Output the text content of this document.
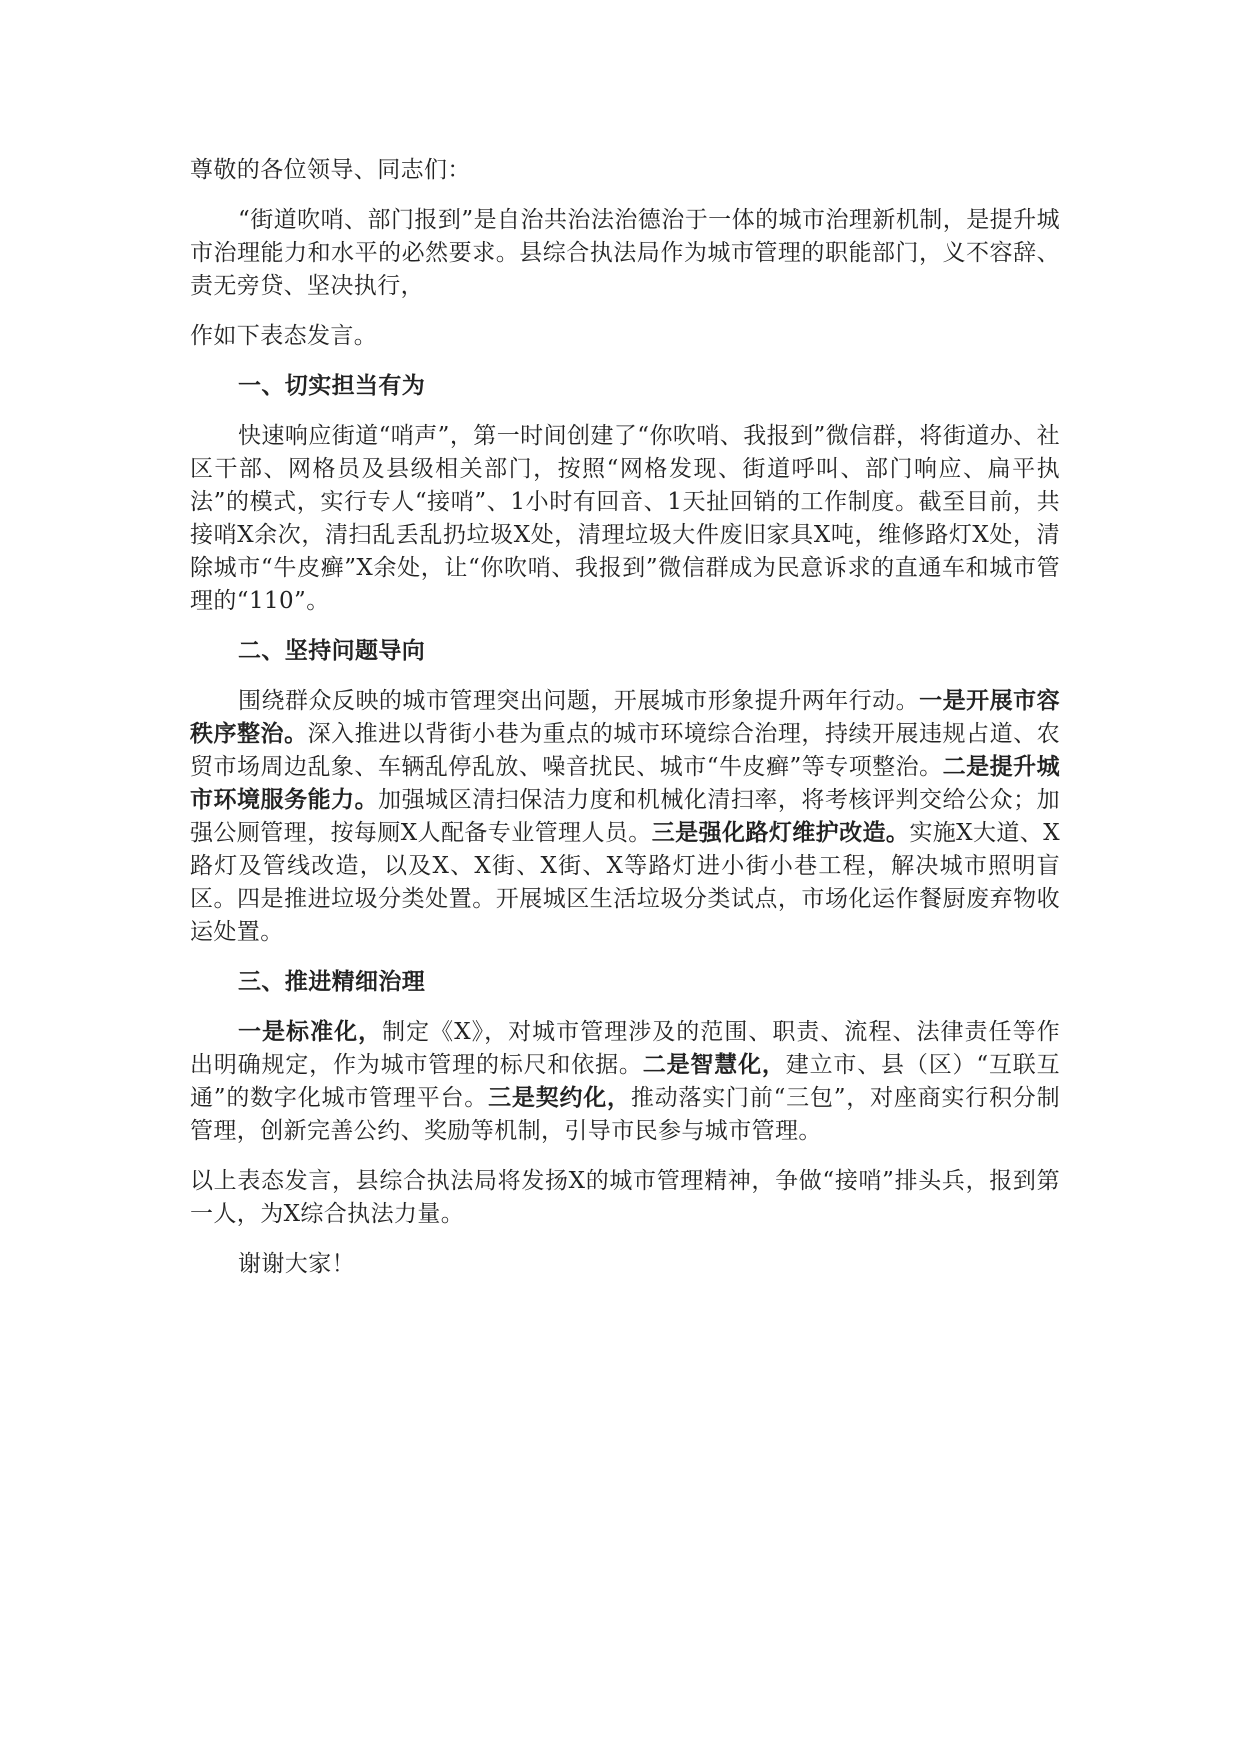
尊敬的各位领导、同志们：

“街道吹哨、部门报到”是自治共治法治德治于一体的城市治理新机制，是提升城市治理能力和水平的必然要求。县综合执法局作为城市管理的职能部门，义不容辞、责无旁贷、坚决执行，

作如下表态发言。

一、切实担当有为

快速响应街道“哨声”，第一时间创建了“你吹哨、我报到”微信群，将街道办、社区干部、网格员及县级相关部门，按照“网格发现、街道呼叫、部门响应、扁平执法”的模式，实行专人“接哨”、1小时有回音、1天扯回销的工作制度。截至目前，共接哨X余次，清扫乱丢乱扔垃圾X处，清理垃圾大件废旧家具X吨，维修路灯X处，清除城市“牛皮癣”X余处，让“你吹哨、我报到”微信群成为民意诉求的直通车和城市管理的“110”。

二、坚持问题导向

围绕群众反映的城市管理突出问题，开展城市形象提升两年行动。一是开展市容秩序整治。深入推进以背街小巷为重点的城市环境综合治理，持续开展违规占道、农贸市场周边乱象、车辆乱停乱放、噪音扰民、城市“牛皮癣”等专项整治。二是提升城市环境服务能力。加强城区清扫保洁力度和机械化清扫率，将考核评判交给公众；加强公厕管理，按每厕X人配备专业管理人员。三是强化路灯维护改造。实施X大道、X路灯及管线改造，以及X、X街、X街、X等路灯进小街小巷工程，解决城市照明盲区。四是推进垃圾分类处置。开展城区生活垃圾分类试点，市场化运作餐厨废弃物收运处置。

三、推进精细治理

一是标准化，制定《X》，对城市管理涉及的范围、职责、流程、法律责任等作出明确规定，作为城市管理的标尺和依据。二是智慧化，建立市、县（区）“互联互通”的数字化城市管理平台。三是契约化，推动落实门前“三包”，对座商实行积分制管理，创新完善公约、奖励等机制，引导市民参与城市管理。

以上表态发言，县综合执法局将发扬X的城市管理精神，争做“接哨”排头兵，报到第一人，为X综合执法力量。

谢谢大家！
